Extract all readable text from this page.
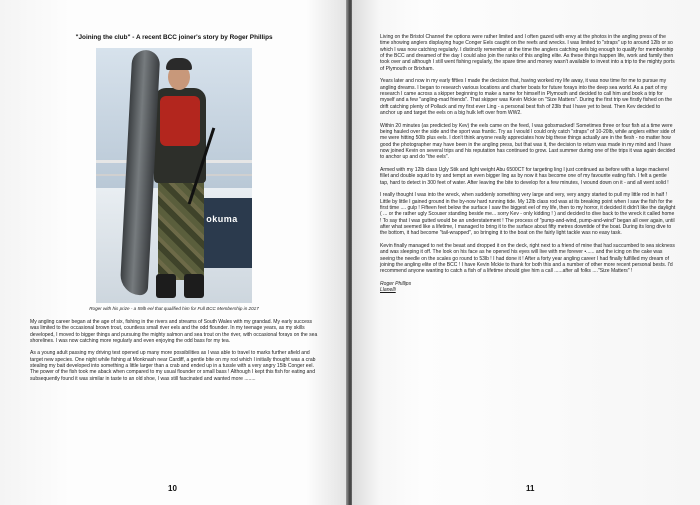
"Joining the club" - A recent BCC joiner's story by Roger Phillips
okuma
Roger with his prize - a 59lb eel that qualified him for Full BCC Membership in 2017

My angling career began at the age of six, fishing in the rivers and streams of South Wales with my grandad. My early success was limited to the occasional brown trout, countless small river eels and the odd flounder. In my teenage years, as my skills developed, I moved to bigger things and pursuing the mighty salmon and sea trout on the river, with occasional forays on the sea shorelines. I was now catching more regularly and even enjoying the odd bass for my tea.

As a young adult passing my driving test opened up many more possibilities as I was able to travel to marks further afield and target new species. One night while fishing at Monknash near Cardiff, a gentle bite on my rod which I initially thought was a crab stealing my bait developed into something a little larger than a crab and ended up in a tussle with a very angry 15lb Conger eel. The power of the fish took me aback when compared to my usual flounder or small bass ! Although I kept this fish for eating and subsequently found it was similar in taste to an old shoe, I was still fascinated and wanted more ........

10

Living on the Bristol Channel the options were rather limited and I often gazed with envy at the photos in the angling press of the time showing anglers displaying huge Conger Eels caught on the reefs and wrecks. I was limited to "straps" up to around 12lb or so which I was now catching regularly. I distinctly remember at the time the anglers catching eels big enough to qualify for membership of the BCC and dreamed of the day I could also join the ranks of this angling elite. As these things happen life, work and family then took over and although I still went fishing regularly, the spare time and money wasn't available to invest into a trip to the mighty ports of Plymouth or Brixham.

Years later and now in my early fifties I made the decision that, having worked my life away, it was now time for me to pursue my angling dreams. I began to research various locations and charter boats for future forays into the deep sea world. As a part of my research I came across a skipper beginning to make a name for himself in Plymouth and decided to call him and book a trip for myself and a few "angling-mad friends". That skipper was Kevin Mckie on "Size Matters". During the first trip we firstly fished on the drift catching plenty of Pollack and my first ever Ling - a personal best fish of 23lb that I have yet to beat. Then Kev decided to anchor up and target the eels on a big hulk left over from WW2.

Within 20 minutes (as predicted by Kev) the eels came on the feed, I was gobsmacked! Sometimes three or four fish at a time were being hauled over the side and the sport was frantic. Try as I would I could only catch "straps" of 10-20lb, while anglers either side of me were hitting 50lb plus eels. I don't think anyone really appreciates how big these things actually are in the flesh - no matter how good the photographer may have been in the angling press, but that was it, the decision to return was made in my mind and I have now joined Kevin on several trips and his reputation has continued to grow. Last summer during one of the trips it was again decided to anchor up and do "the eels".

Armed with my 12lb class Ugly Stik and light weight Abu 6500CT for targeting ling I just continued as before with a large mackerel fillet and double squid to try and tempt an even bigger ling as by now it has become one of my favourite eating fish. I felt a gentle tap, hard to detect in 300 feet of water. After leaving the bite to develop for a few minutes, I wound down on it - and all went solid !

I really thought I was into the wreck, when suddenly something very large and very, very angry started to pull my little rod in half ! Little by little I gained ground in the by-now hard running tide. My 12lb class rod was at its breaking point when I saw the fish for the first time .... gulp ! Fifteen feet below the surface I saw the biggest eel of my life, then to my horror, it decided it didn't like the daylight ( ... or the rather ugly Scouser standing beside me... sorry Kev - only kidding ! ) and decided to dive back to the wreck it called home ! To say that I was gutted would be an understatement ! The process of "pump-and-wind, pump-and-wind" began all over again, until after what seemed like a lifetime, I managed to bring it to the surface about fifty metres downtide of the boat. During its long dive to the bottom, it had become "tail-wrapped", so bringing it to the boat on the fairly light tackle was no easy task.

Kevin finally managed to net the beast and dropped it on the deck, right next to a friend of mine that had succumbed to sea sickness and was sleeping it off. The look on his face as he opened his eyes will live with me forever •...... and the icing on the cake was seeing the needle on the scales go round to 53lb ! I had done it ! After a forty year angling career I had finally fulfilled my dream of joining the angling elite of the BCC ! I have Kevin Mckie to thank for both this and a number of other more recent personal bests. I'd recommend anyone wanting to catch a fish of a lifetime should give him a call ......after all folks ...."Size Matters" !

Roger Phillips
Llanelli
11
